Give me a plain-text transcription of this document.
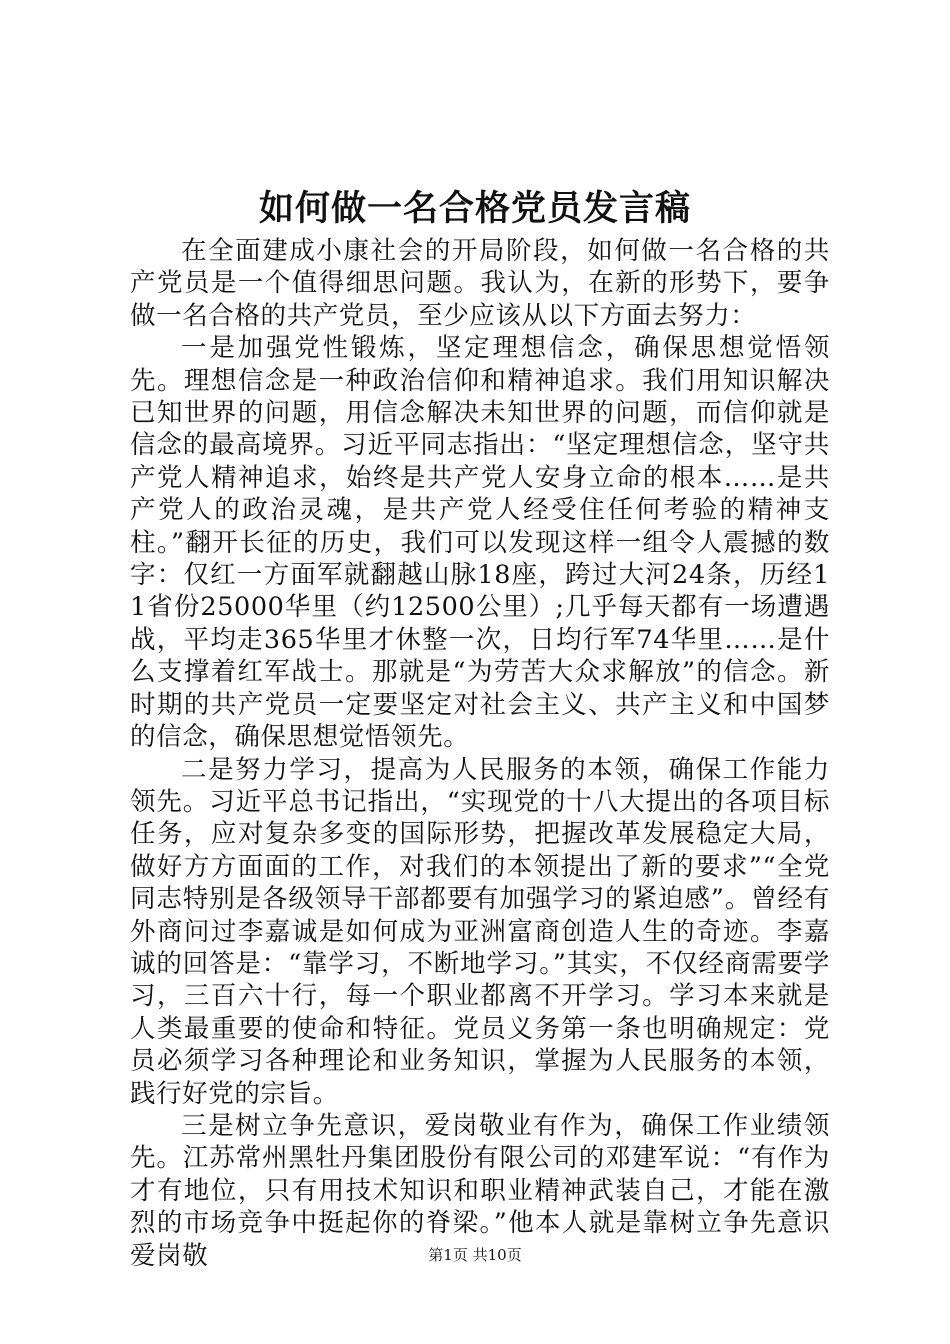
如何做一名合格党员发言稿

在全面建成小康社会的开局阶段，如何做一名合格的共产党员是一个值得细思问题。我认为，在新的形势下，要争做一名合格的共产党员，至少应该从以下方面去努力：

一是加强党性锻炼，坚定理想信念，确保思想觉悟领先。理想信念是一种政治信仰和精神追求。我们用知识解决已知世界的问题，用信念解决未知世界的问题，而信仰就是信念的最高境界。习近平同志指出：“坚定理想信念，坚守共产党人精神追求，始终是共产党人安身立命的根本……是共产党人的政治灵魂，是共产党人经受住任何考验的精神支柱。”翻开长征的历史，我们可以发现这样一组令人震撼的数字：仅红一方面军就翻越山脉18座，跨过大河24条，历经11省份25000华里（约12500公里）;几乎每天都有一场遭遇战，平均走365华里才休整一次，日均行军74华里……是什么支撑着红军战士。那就是“为劳苦大众求解放”的信念。新时期的共产党员一定要坚定对社会主义、共产主义和中国梦的信念，确保思想觉悟领先。

二是努力学习，提高为人民服务的本领，确保工作能力领先。习近平总书记指出，“实现党的十八大提出的各项目标任务，应对复杂多变的国际形势，把握改革发展稳定大局，做好方方面面的工作，对我们的本领提出了新的要求”“全党同志特别是各级领导干部都要有加强学习的紧迫感”。曾经有外商问过李嘉诚是如何成为亚洲富商创造人生的奇迹。李嘉诚的回答是：“靠学习，不断地学习。”其实，不仅经商需要学习，三百六十行，每一个职业都离不开学习。学习本来就是人类最重要的使命和特征。党员义务第一条也明确规定：党员必须学习各种理论和业务知识，掌握为人民服务的本领，践行好党的宗旨。

三是树立争先意识，爱岗敬业有作为，确保工作业绩领先。江苏常州黑牡丹集团股份有限公司的邓建军说：“有作为才有地位，只有用技术知识和职业精神武装自己，才能在激烈的市场竞争中挺起你的脊梁。”他本人就是靠树立争先意识爱岗敬	第1页 共10页
